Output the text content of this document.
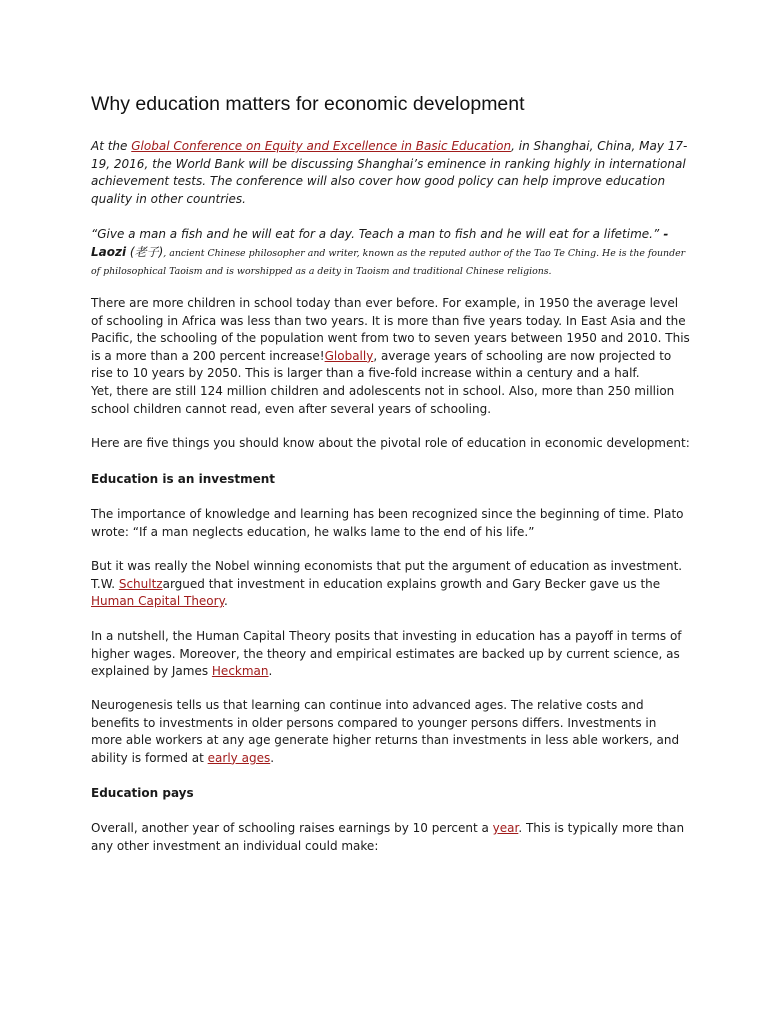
Why education matters for economic development

At the Global Conference on Equity and Excellence in Basic Education, in Shanghai, China, May 17-19, 2016, the World Bank will be discussing Shanghai’s eminence in ranking highly in international achievement tests. The conference will also cover how good policy can help improve education quality in other countries.

“Give a man a fish and he will eat for a day. Teach a man to fish and he will eat for a lifetime.” - Laozi (老子), ancient Chinese philosopher and writer, known as the reputed author of the Tao Te Ching. He is the founder of philosophical Taoism and is worshipped as a deity in Taoism and traditional Chinese religions.

There are more children in school today than ever before. For example, in 1950 the average level of schooling in Africa was less than two years. It is more than five years today. In East Asia and the Pacific, the schooling of the population went from two to seven years between 1950 and 2010. This is a more than a 200 percent increase!Globally, average years of schooling are now projected to rise to 10 years by 2050. This is larger than a five-fold increase within a century and a half.
Yet, there are still 124 million children and adolescents not in school. Also, more than 250 million school children cannot read, even after several years of schooling.

Here are five things you should know about the pivotal role of education in economic development:

Education is an investment

The importance of knowledge and learning has been recognized since the beginning of time. Plato wrote: “If a man neglects education, he walks lame to the end of his life.”

But it was really the Nobel winning economists that put the argument of education as investment. T.W. Schultzargued that investment in education explains growth and Gary Becker gave us the Human Capital Theory.

In a nutshell, the Human Capital Theory posits that investing in education has a payoff in terms of higher wages. Moreover, the theory and empirical estimates are backed up by current science, as explained by James Heckman.

Neurogenesis tells us that learning can continue into advanced ages. The relative costs and benefits to investments in older persons compared to younger persons differs. Investments in more able workers at any age generate higher returns than investments in less able workers, and ability is formed at early ages.

Education pays

Overall, another year of schooling raises earnings by 10 percent a year. This is typically more than any other investment an individual could make:
